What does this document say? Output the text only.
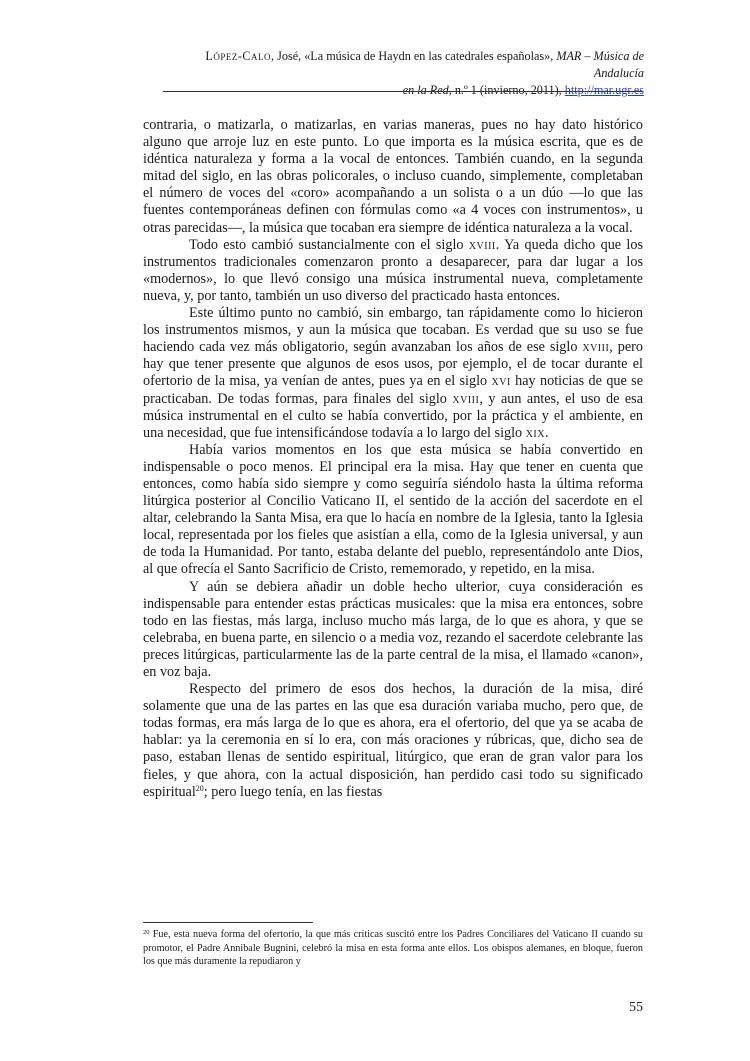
López-Calo, José, «La música de Haydn en las catedrales españolas», MAR – Música de Andalucía
en la Red, n.º 1 (invierno, 2011), http://mar.ugr.es

contraria, o matizarla, o matizarlas, en varias maneras, pues no hay dato histórico alguno que arroje luz en este punto. Lo que importa es la música escrita, que es de idéntica naturaleza y forma a la vocal de entonces. También cuando, en la segunda mitad del siglo, en las obras policorales, o incluso cuando, simplemente, completaban el número de voces del «coro» acompañando a un solista o a un dúo —lo que las fuentes contemporáneas definen con fórmulas como «a 4 voces con instrumentos», u otras parecidas—, la música que tocaban era siempre de idéntica naturaleza a la vocal.

Todo esto cambió sustancialmente con el siglo xviii. Ya queda dicho que los instrumentos tradicionales comenzaron pronto a desaparecer, para dar lugar a los «modernos», lo que llevó consigo una música instrumental nueva, completamente nueva, y, por tanto, también un uso diverso del practicado hasta entonces.

Este último punto no cambió, sin embargo, tan rápidamente como lo hicieron los instrumentos mismos, y aun la música que tocaban. Es verdad que su uso se fue haciendo cada vez más obligatorio, según avanzaban los años de ese siglo xviii, pero hay que tener presente que algunos de esos usos, por ejemplo, el de tocar durante el ofertorio de la misa, ya venían de antes, pues ya en el siglo xvi hay noticias de que se practicaban. De todas formas, para finales del siglo xviii, y aun antes, el uso de esa música instrumental en el culto se había convertido, por la práctica y el ambiente, en una necesidad, que fue intensificándose todavía a lo largo del siglo xix.

Había varios momentos en los que esta música se había convertido en indispensable o poco menos. El principal era la misa. Hay que tener en cuenta que entonces, como había sido siempre y como seguiría siéndolo hasta la última reforma litúrgica posterior al Concilio Vaticano II, el sentido de la acción del sacerdote en el altar, celebrando la Santa Misa, era que lo hacía en nombre de la Iglesia, tanto la Iglesia local, representada por los fieles que asistían a ella, como de la Iglesia universal, y aun de toda la Humanidad. Por tanto, estaba delante del pueblo, representándolo ante Dios, al que ofrecía el Santo Sacrificio de Cristo, rememorado, y repetido, en la misa.

Y aún se debiera añadir un doble hecho ulterior, cuya consideración es indispensable para entender estas prácticas musicales: que la misa era entonces, sobre todo en las fiestas, más larga, incluso mucho más larga, de lo que es ahora, y que se celebraba, en buena parte, en silencio o a media voz, rezando el sacerdote celebrante las preces litúrgicas, particularmente las de la parte central de la misa, el llamado «canon», en voz baja.

Respecto del primero de esos dos hechos, la duración de la misa, diré solamente que una de las partes en las que esa duración variaba mucho, pero que, de todas formas, era más larga de lo que es ahora, era el ofertorio, del que ya se acaba de hablar: ya la ceremonia en sí lo era, con más oraciones y rúbricas, que, dicho sea de paso, estaban llenas de sentido espiritual, litúrgico, que eran de gran valor para los fieles, y que ahora, con la actual disposición, han perdido casi todo su significado espiritual$^{20}$; pero luego tenía, en las fiestas

$^{20}$ Fue, esta nueva forma del ofertorio, la que más críticas suscitó entre los Padres Conciliares del Vaticano II cuando su promotor, el Padre Annibale Bugnini, celebró la misa en esta forma ante ellos. Los obispos alemanes, en bloque, fueron los que más duramente la repudiaron y
55
